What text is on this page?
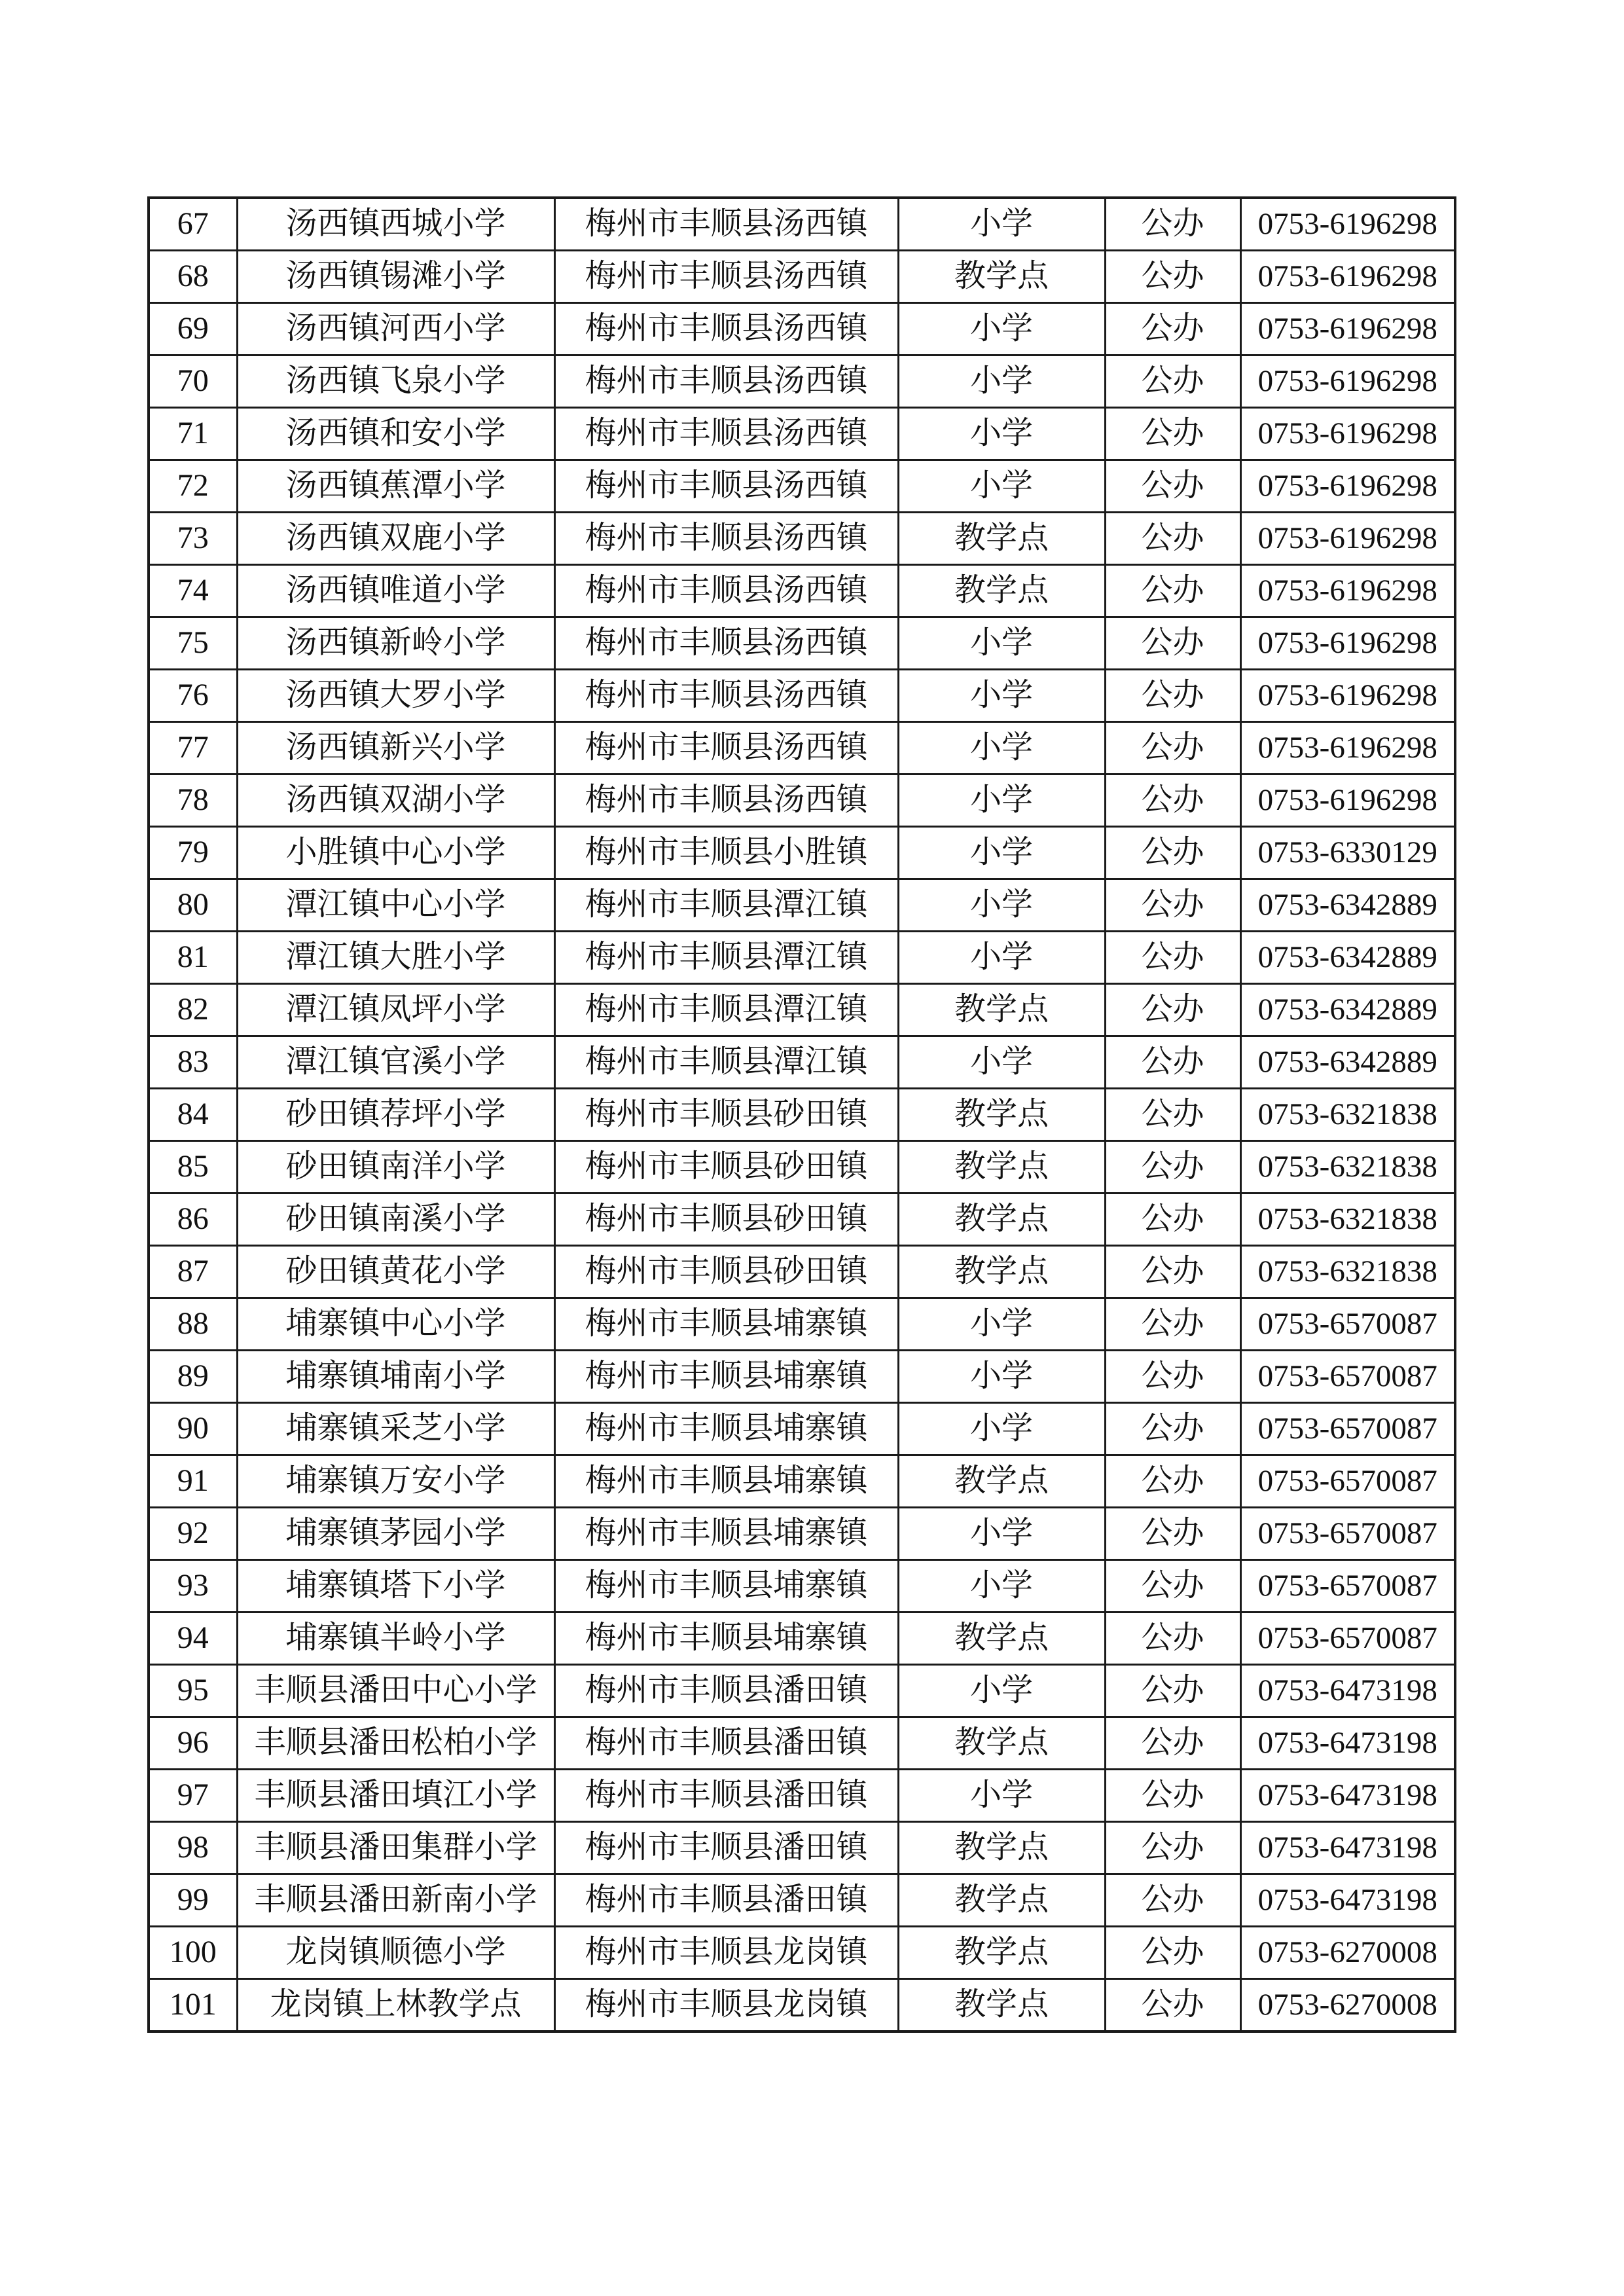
67	汤西镇西城小学	梅州市丰顺县汤西镇	小学	公办	0753-6196298
68	汤西镇锡滩小学	梅州市丰顺县汤西镇	教学点	公办	0753-6196298
69	汤西镇河西小学	梅州市丰顺县汤西镇	小学	公办	0753-6196298
70	汤西镇飞泉小学	梅州市丰顺县汤西镇	小学	公办	0753-6196298
71	汤西镇和安小学	梅州市丰顺县汤西镇	小学	公办	0753-6196298
72	汤西镇蕉潭小学	梅州市丰顺县汤西镇	小学	公办	0753-6196298
73	汤西镇双鹿小学	梅州市丰顺县汤西镇	教学点	公办	0753-6196298
74	汤西镇唯道小学	梅州市丰顺县汤西镇	教学点	公办	0753-6196298
75	汤西镇新岭小学	梅州市丰顺县汤西镇	小学	公办	0753-6196298
76	汤西镇大罗小学	梅州市丰顺县汤西镇	小学	公办	0753-6196298
77	汤西镇新兴小学	梅州市丰顺县汤西镇	小学	公办	0753-6196298
78	汤西镇双湖小学	梅州市丰顺县汤西镇	小学	公办	0753-6196298
79	小胜镇中心小学	梅州市丰顺县小胜镇	小学	公办	0753-6330129
80	潭江镇中心小学	梅州市丰顺县潭江镇	小学	公办	0753-6342889
81	潭江镇大胜小学	梅州市丰顺县潭江镇	小学	公办	0753-6342889
82	潭江镇凤坪小学	梅州市丰顺县潭江镇	教学点	公办	0753-6342889
83	潭江镇官溪小学	梅州市丰顺县潭江镇	小学	公办	0753-6342889
84	砂田镇荐坪小学	梅州市丰顺县砂田镇	教学点	公办	0753-6321838
85	砂田镇南洋小学	梅州市丰顺县砂田镇	教学点	公办	0753-6321838
86	砂田镇南溪小学	梅州市丰顺县砂田镇	教学点	公办	0753-6321838
87	砂田镇黄花小学	梅州市丰顺县砂田镇	教学点	公办	0753-6321838
88	埔寨镇中心小学	梅州市丰顺县埔寨镇	小学	公办	0753-6570087
89	埔寨镇埔南小学	梅州市丰顺县埔寨镇	小学	公办	0753-6570087
90	埔寨镇采芝小学	梅州市丰顺县埔寨镇	小学	公办	0753-6570087
91	埔寨镇万安小学	梅州市丰顺县埔寨镇	教学点	公办	0753-6570087
92	埔寨镇茅园小学	梅州市丰顺县埔寨镇	小学	公办	0753-6570087
93	埔寨镇塔下小学	梅州市丰顺县埔寨镇	小学	公办	0753-6570087
94	埔寨镇半岭小学	梅州市丰顺县埔寨镇	教学点	公办	0753-6570087
95	丰顺县潘田中心小学	梅州市丰顺县潘田镇	小学	公办	0753-6473198
96	丰顺县潘田松柏小学	梅州市丰顺县潘田镇	教学点	公办	0753-6473198
97	丰顺县潘田填江小学	梅州市丰顺县潘田镇	小学	公办	0753-6473198
98	丰顺县潘田集群小学	梅州市丰顺县潘田镇	教学点	公办	0753-6473198
99	丰顺县潘田新南小学	梅州市丰顺县潘田镇	教学点	公办	0753-6473198
100	龙岗镇顺德小学	梅州市丰顺县龙岗镇	教学点	公办	0753-6270008
101	龙岗镇上林教学点	梅州市丰顺县龙岗镇	教学点	公办	0753-6270008
